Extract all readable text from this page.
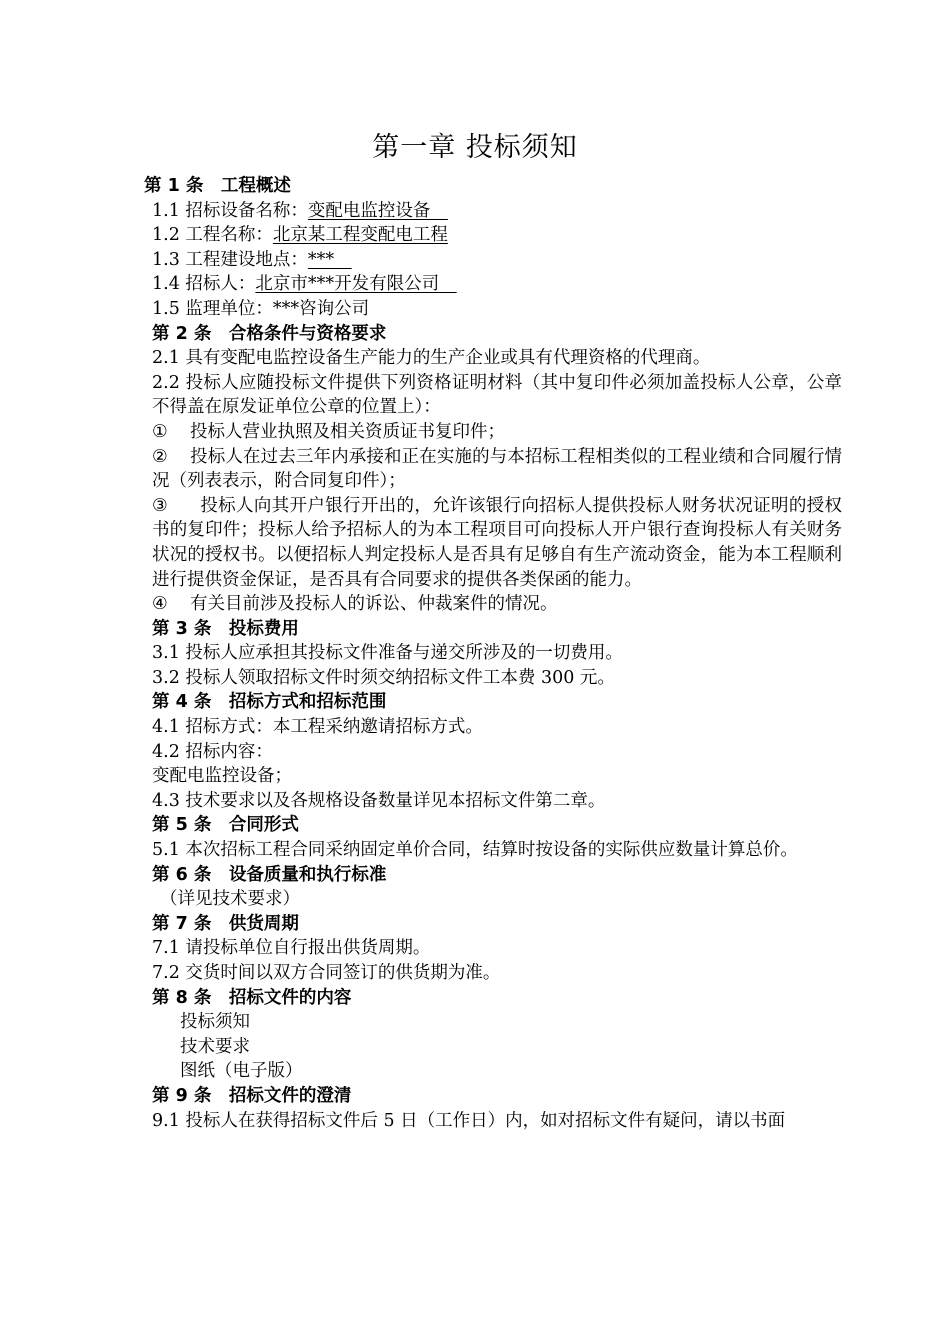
第一章 投标须知
第 1 条　工程概述
1.1 招标设备名称：变配电监控设备　
1.2 工程名称：北京某工程变配电工程
1.3 工程建设地点：***　
1.4 招标人：北京市***开发有限公司　
1.5 监理单位：***咨询公司
第 2 条　合格条件与资格要求
2.1 具有变配电监控设备生产能力的生产企业或具有代理资格的代理商。
2.2 投标人应随投标文件提供下列资格证明材料（其中复印件必须加盖投标人公章，公章不得盖在原发证单位公章的位置上）：
① 投标人营业执照及相关资质证书复印件；
② 投标人在过去三年内承接和正在实施的与本招标工程相类似的工程业绩和合同履行情况（列表表示，附合同复印件）；
③ 投标人向其开户银行开出的，允许该银行向招标人提供投标人财务状况证明的授权书的复印件；投标人给予招标人的为本工程项目可向投标人开户银行查询投标人有关财务状况的授权书。以便招标人判定投标人是否具有足够自有生产流动资金，能为本工程顺利进行提供资金保证，是否具有合同要求的提供各类保函的能力。
④ 有关目前涉及投标人的诉讼、仲裁案件的情况。
第 3 条　投标费用
3.1 投标人应承担其投标文件准备与递交所涉及的一切费用。
3.2 投标人领取招标文件时须交纳招标文件工本费 300 元。
第 4 条　招标方式和招标范围
4.1 招标方式：本工程采纳邀请招标方式。
4.2 招标内容：
变配电监控设备；
4.3 技术要求以及各规格设备数量详见本招标文件第二章。
第 5 条　合同形式
5.1 本次招标工程合同采纳固定单价合同，结算时按设备的实际供应数量计算总价。
第 6 条　设备质量和执行标准
（详见技术要求）
第 7 条　供货周期
7.1 请投标单位自行报出供货周期。
7.2 交货时间以双方合同签订的供货期为准。
第 8 条　招标文件的内容
投标须知
技术要求
图纸（电子版）
第 9 条　招标文件的澄清
9.1 投标人在获得招标文件后 5 日（工作日）内，如对招标文件有疑问，请以书面
